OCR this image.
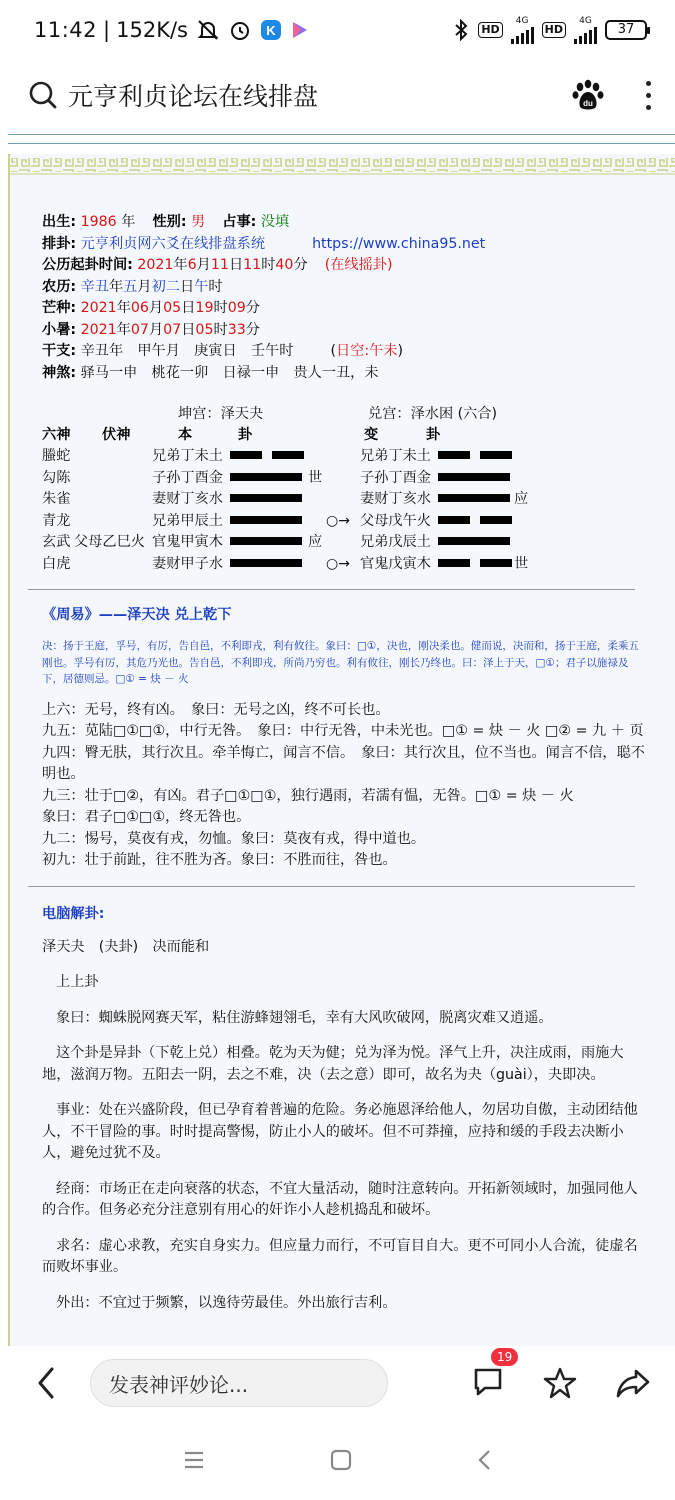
11:42 | 152K/s	K	HD
4G
HD
4G
37
元亨利贞论坛在线排盘	du
出生: 1986 年 性别: 男 占事: 没填
排卦: 元亨利贞网六爻在线排盘系统	https://www.china95.net
公历起卦时间: 2021年6月11日11时40分 (在线摇卦)
农历: 辛丑年五月初二日午时
芒种: 2021年06月05日19时09分
小暑: 2021年07月07日05时33分
干支: 辛丑年　甲午月　庚寅日　壬午时	(日空:午未)
神煞: 驿马一申　桃花一卯　日禄一申　贵人一丑，未
坤宫：泽天夬	兑宫：泽水困 (六合)
六神 伏神	本	卦	变	卦
螣蛇	兄弟丁未土	兄弟丁未土
勾陈	子孙丁酉金	世	子孙丁酉金
朱雀	妻财丁亥水	妻财丁亥水	应
青龙	兄弟甲辰土	○→ 父母戊午火
玄武 父母乙巳火 官鬼甲寅木	应	兄弟戊辰土
白虎	妻财甲子水	○→ 官鬼戊寅木	世
《周易》——泽天决 兑上乾下
决：扬于王庭，孚号，有厉，告自邑，不利即戎，利有攸往。象曰：□①，决也，刚决柔也。健而说，决而和，扬于王庭，柔乘五刚也。孚号有厉，其危乃光也。告自邑，不利即戎，所尚乃穷也。利有攸往，刚长乃终也。曰：泽上于天，□①；君子以施禄及下，居德则忌。□① = 炔 － 火

上六：无号，终有凶。　象曰：无号之凶，终不可长也。

九五：苋陆□①□①，中行无咎。　象曰：中行无咎，中未光也。□① = 炔 － 火 □② = 九 ＋ 页

九四：臀无肤，其行次且。牵羊悔亡，闻言不信。　象曰：其行次且，位不当也。闻言不信，聪不明也。

九三：壮于□②，有凶。君子□①□①，独行遇雨，若濡有愠，无咎。□① = 炔 － 火

象曰：君子□①□①，终无咎也。

九二：惕号，莫夜有戎，勿恤。象曰：莫夜有戎，得中道也。

初九：壮于前趾，往不胜为吝。象曰：不胜而往，咎也。

电脑解卦:
泽天夬　(夬卦)　决而能和
上上卦
象曰：蜘蛛脱网赛天军，粘住游蜂翅翎毛，幸有大风吹破网，脱离灾难又逍遥。
这个卦是异卦（下乾上兑）相叠。乾为天为健；兑为泽为悦。泽气上升，决注成雨，雨施大地，滋润万物。五阳去一阴，去之不难，决（去之意）即可，故名为夬（guài），夬即决。
事业：处在兴盛阶段，但已孕育着普遍的危险。务必施恩泽给他人，勿居功自傲，主动团结他人，不干冒险的事。时时提高警惕，防止小人的破坏。但不可莽撞，应持和缓的手段去决断小人，避免过犹不及。
经商：市场正在走向衰落的状态，不宜大量活动，随时注意转向。开拓新领域时，加强同他人的合作。但务必充分注意别有用心的奸诈小人趁机捣乱和破坏。
求名：虚心求教，充实自身实力。但应量力而行，不可盲目自大。更不可同小人合流，徒虚名而败坏事业。
外出：不宜过于频繁，以逸待劳最佳。外出旅行吉利。
发表神评妙论...
19
